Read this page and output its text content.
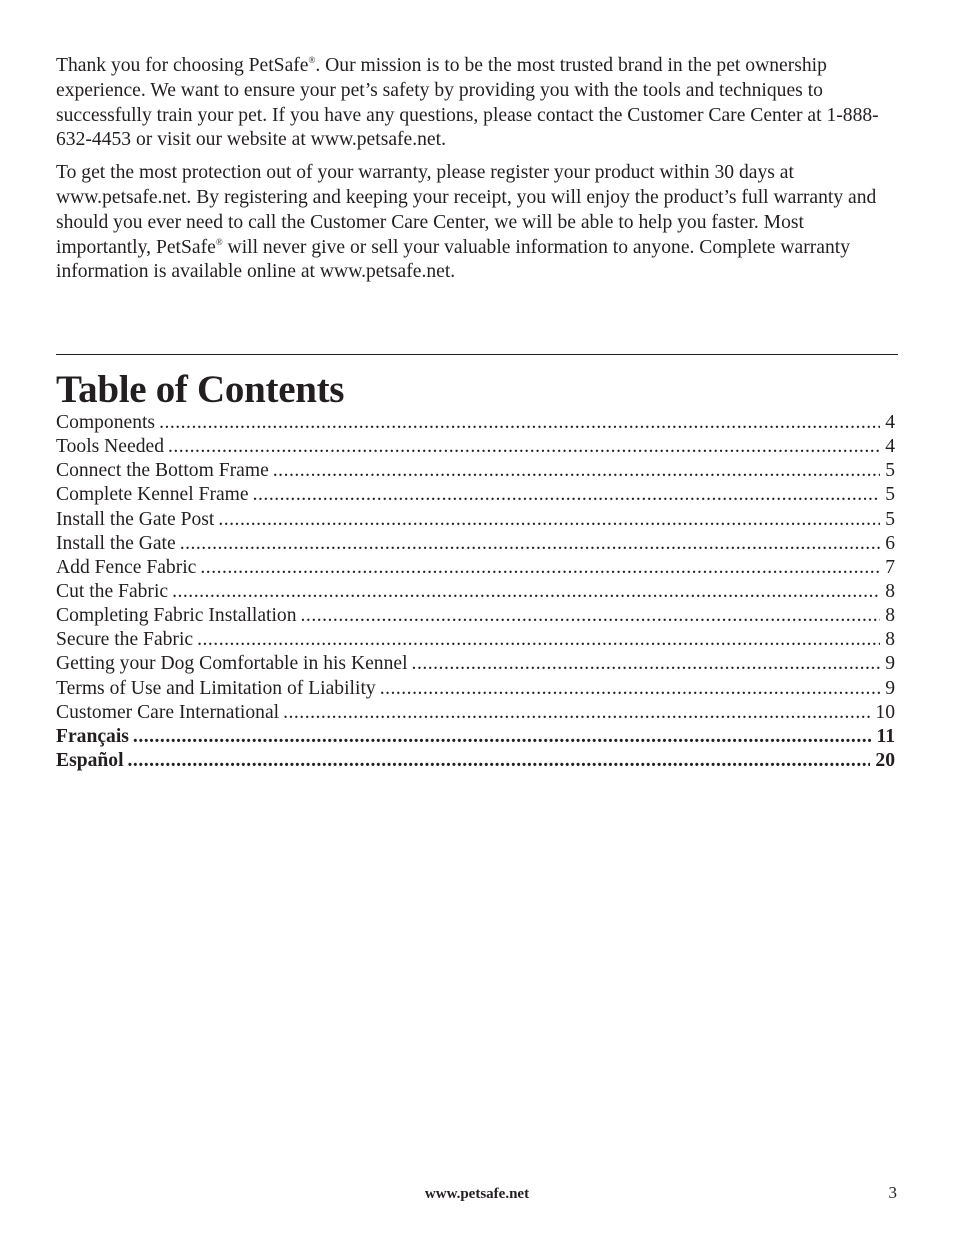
Thank you for choosing PetSafe®. Our mission is to be the most trusted brand in the pet ownership experience. We want to ensure your pet’s safety by providing you with the tools and techniques to successfully train your pet. If you have any questions, please contact the Customer Care Center at 1-888-632-4453 or visit our website at www.petsafe.net.

To get the most protection out of your warranty, please register your product within 30 days at www.petsafe.net. By registering and keeping your receipt, you will enjoy the product’s full warranty and should you ever need to call the Customer Care Center, we will be able to help you faster. Most importantly, PetSafe® will never give or sell your valuable information to anyone. Complete warranty information is available online at www.petsafe.net.

Table of Contents
Components .....	4
Tools Needed .....	4
Connect the Bottom Frame .....	5
Complete Kennel Frame .....	5
Install the Gate Post .....	5
Install the Gate .....	6
Add Fence Fabric .....	7
Cut the Fabric .....	8
Completing Fabric Installation .....	8
Secure the Fabric .....	8
Getting your Dog Comfortable in his Kennel .....	9
Terms of Use and Limitation of Liability .....	9
Customer Care International .....	10
Français .....	11
Español .....	20
www.petsafe.net	3
